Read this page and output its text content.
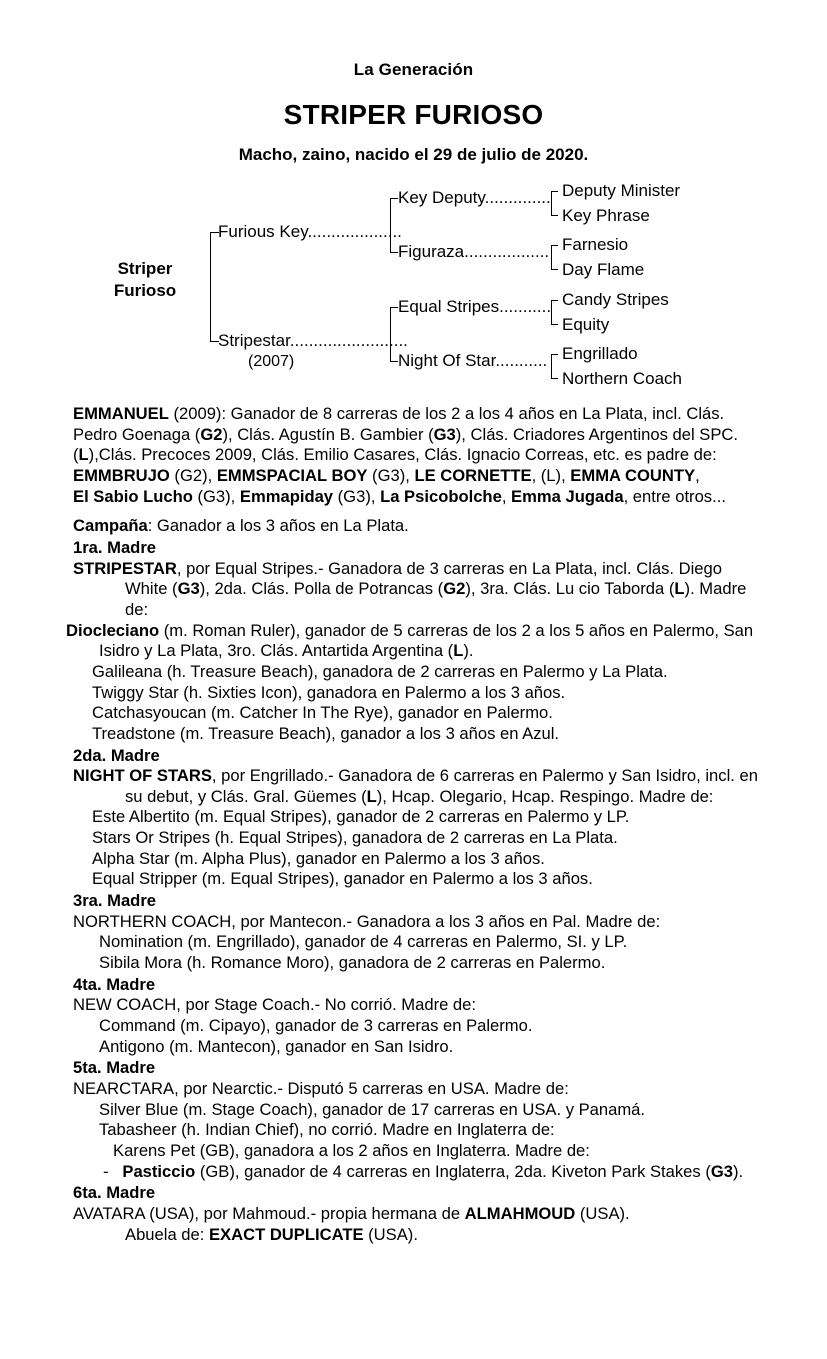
La Generación
STRIPER FURIOSO
Macho, zaino, nacido el 29 de julio de 2020.
Striper
Furioso
Furious Key....................
Stripestar.........................
(2007)
Key Deputy..............
Figuraza..................
Equal Stripes...........
Night Of Star...........
Deputy Minister
Key Phrase
Farnesio
Day Flame
Candy Stripes
Equity
Engrillado
Northern Coach

EMMANUEL (2009): Ganador de 8 carreras de los 2 a los 4 años en La Plata, incl. Clás. Pedro Goenaga (G2), Clás. Agustín B. Gambier (G3), Clás. Criadores Argentinos del SPC. (L),Clás. Precoces 2009, Clás. Emilio Casares, Clás. Ignacio Correas, etc. es padre de:

EMMBRUJO (G2), EMMSPACIAL BOY (G3), LE CORNETTE, (L), EMMA COUNTY,

El Sabio Lucho (G3), Emmapiday (G3), La Psicobolche, Emma Jugada, entre otros...

Campaña: Ganador a los 3 años en La Plata.

1ra. Madre

STRIPESTAR, por Equal Stripes.- Ganadora de 3 carreras en La Plata, incl. Clás. Diego White (G3), 2da. Clás. Polla de Potrancas (G2), 3ra. Clás. Lu cio Taborda (L). Madre de:

Diocleciano (m. Roman Ruler), ganador de 5 carreras de los 2 a los 5 años en Palermo, San Isidro y La Plata, 3ro. Clás. Antartida Argentina (L).

Galileana (h. Treasure Beach), ganadora de 2 carreras en Palermo y La Plata.

Twiggy Star (h. Sixties Icon), ganadora en Palermo a los 3 años.

Catchasyoucan (m. Catcher In The Rye), ganador en Palermo.

Treadstone (m. Treasure Beach), ganador a los 3 años en Azul.

2da. Madre

NIGHT OF STARS, por Engrillado.- Ganadora de 6 carreras en Palermo y San Isidro, incl. en su debut, y Clás. Gral. Güemes (L), Hcap. Olegario, Hcap. Respingo. Madre de:

Este Albertito (m. Equal Stripes), ganador de 2 carreras en Palermo y LP.

Stars Or Stripes (h. Equal Stripes), ganadora de 2 carreras en La Plata.

Alpha Star (m. Alpha Plus), ganador en Palermo a los 3 años.

Equal Stripper (m. Equal Stripes), ganador en Palermo a los 3 años.

3ra. Madre

NORTHERN COACH, por Mantecon.- Ganadora a los 3 años en Pal. Madre de:

Nomination (m. Engrillado), ganador de 4 carreras en Palermo, SI. y LP.

Sibila Mora (h. Romance Moro), ganadora de 2 carreras en Palermo.

4ta. Madre

NEW COACH, por Stage Coach.- No corrió. Madre de:

Command (m. Cipayo), ganador de 3 carreras en Palermo.

Antigono (m. Mantecon), ganador en San Isidro.

5ta. Madre

NEARCTARA, por Nearctic.- Disputó 5 carreras en USA. Madre de:

Silver Blue (m. Stage Coach), ganador de 17 carreras en USA. y Panamá.

Tabasheer (h. Indian Chief), no corrió. Madre en Inglaterra de:

Karens Pet (GB), ganadora a los 2 años en Inglaterra. Madre de:

- Pasticcio (GB), ganador de 4 carreras en Inglaterra, 2da. Kiveton Park Stakes (G3).

6ta. Madre

AVATARA (USA), por Mahmoud.- propia hermana de ALMAHMOUD (USA).

Abuela de: EXACT DUPLICATE (USA).
